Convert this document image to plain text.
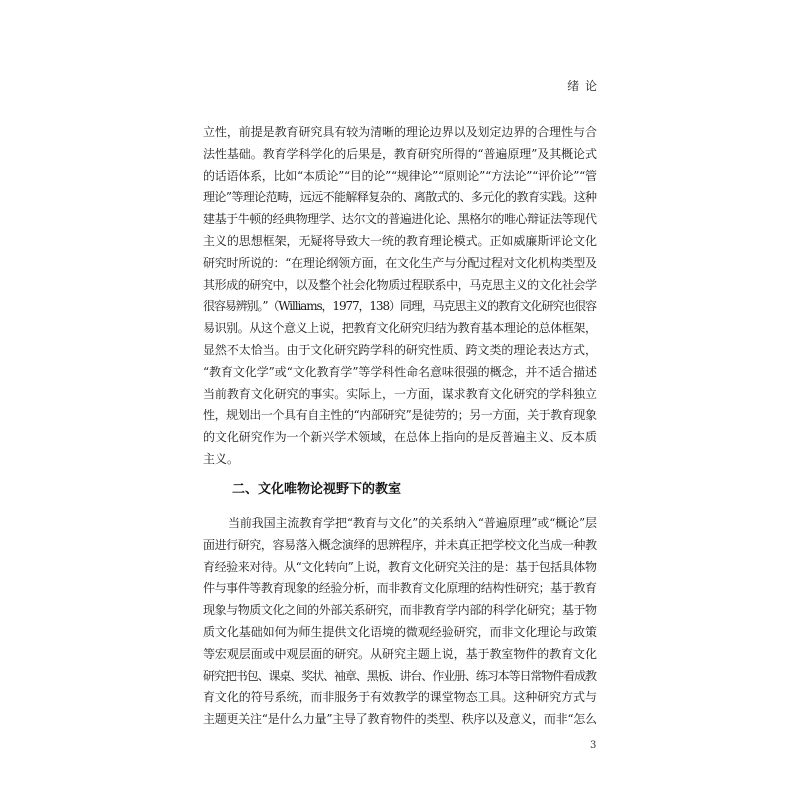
绪 论
立性，前提是教育研究具有较为清晰的理论边界以及划定边界的合理性与合
法性基础。教育学科学化的后果是，教育研究所得的“普遍原理”及其概论式
的话语体系，比如“本质论”“目的论”“规律论”“原则论”“方法论”“评价论”“管
理论”等理论范畴，远远不能解释复杂的、离散式的、多元化的教育实践。这种
建基于牛顿的经典物理学、达尔文的普遍进化论、黑格尔的唯心辩证法等现代
主义的思想框架，无疑将导致大一统的教育理论模式。正如威廉斯评论文化
研究时所说的：“在理论纲领方面，在文化生产与分配过程对文化机构类型及
其形成的研究中，以及整个社会化物质过程联系中，马克思主义的文化社会学
很容易辨别。”（Williams，1977，138）同理，马克思主义的教育文化研究也很容
易识别。从这个意义上说，把教育文化研究归结为教育基本理论的总体框架，
显然不太恰当。由于文化研究跨学科的研究性质、跨文类的理论表达方式，
“教育文化学”或“文化教育学”等学科性命名意味很强的概念，并不适合描述
当前教育文化研究的事实。实际上，一方面，谋求教育文化研究的学科独立
性，规划出一个具有自主性的“内部研究”是徒劳的；另一方面，关于教育现象
的文化研究作为一个新兴学术领域，在总体上指向的是反普遍主义、反本质
主义。
二、文化唯物论视野下的教室
当前我国主流教育学把“教育与文化”的关系纳入“普遍原理”或“概论”层
面进行研究，容易落入概念演绎的思辨程序，并未真正把学校文化当成一种教
育经验来对待。从“文化转向”上说，教育文化研究关注的是：基于包括具体物
件与事件等教育现象的经验分析，而非教育文化原理的结构性研究；基于教育
现象与物质文化之间的外部关系研究，而非教育学内部的科学化研究；基于物
质文化基础如何为师生提供文化语境的微观经验研究，而非文化理论与政策
等宏观层面或中观层面的研究。从研究主题上说，基于教室物件的教育文化
研究把书包、课桌、奖状、袖章、黑板、讲台、作业册、练习本等日常物件看成教
育文化的符号系统，而非服务于有效教学的课堂物态工具。这种研究方式与
主题更关注“是什么力量”主导了教育物件的类型、秩序以及意义，而非“怎么
3
